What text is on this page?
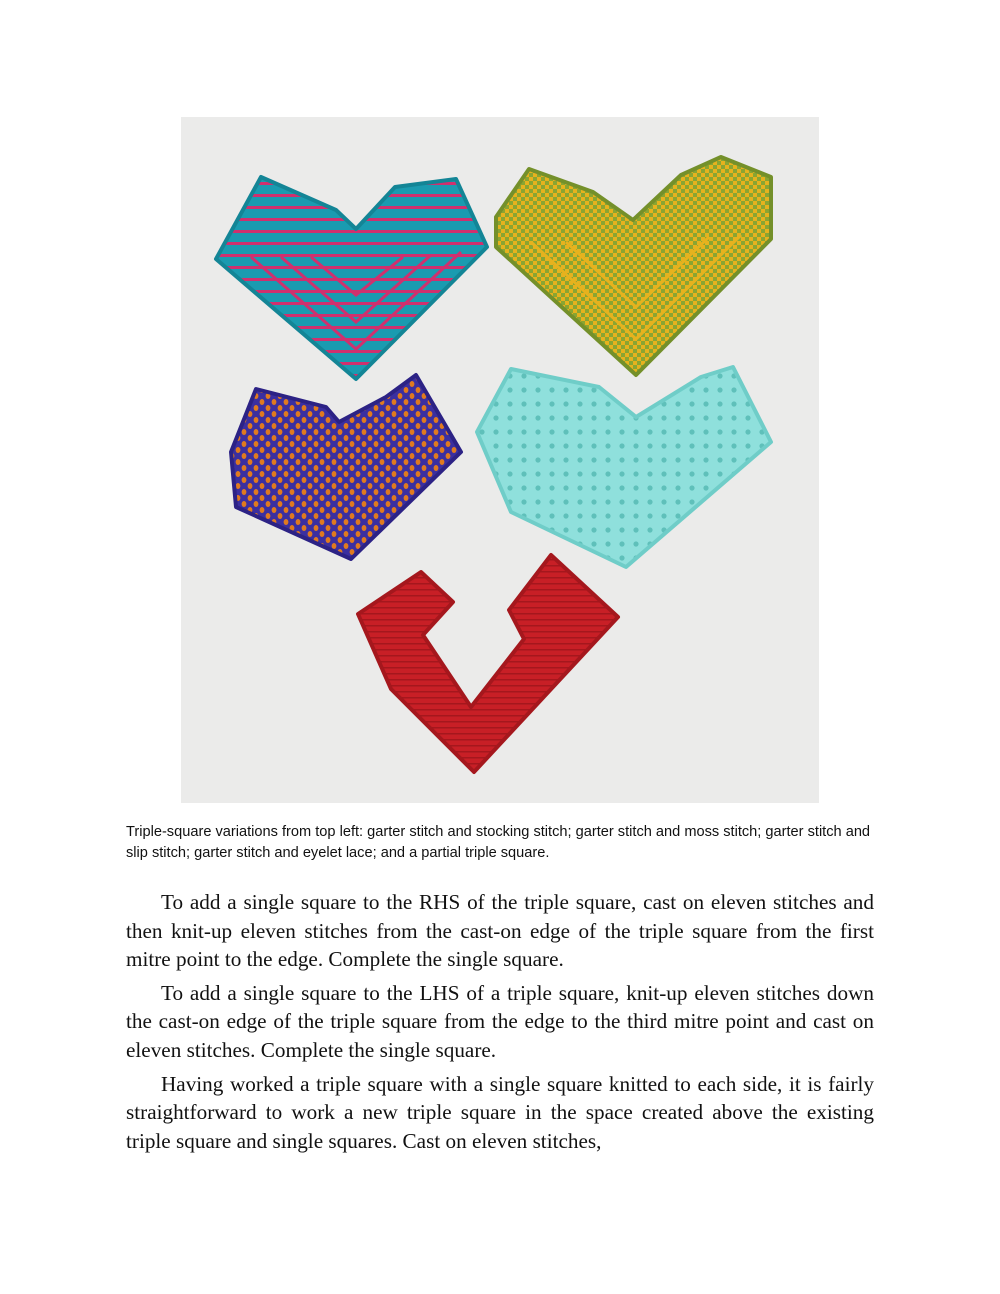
Triple-square variations from top left: garter stitch and stocking stitch; garter stitch and moss stitch; garter stitch and slip stitch; garter stitch and eyelet lace; and a partial triple square.

To add a single square to the RHS of the triple square, cast on eleven stitches and then knit-up eleven stitches from the cast-on edge of the triple square from the first mitre point to the edge. Complete the single square.

To add a single square to the LHS of a triple square, knit-up eleven stitches down the cast-on edge of the triple square from the edge to the third mitre point and cast on eleven stitches. Complete the single square.

Having worked a triple square with a single square knitted to each side, it is fairly straightforward to work a new triple square in the space created above the existing triple square and single squares. Cast on eleven stitches,
